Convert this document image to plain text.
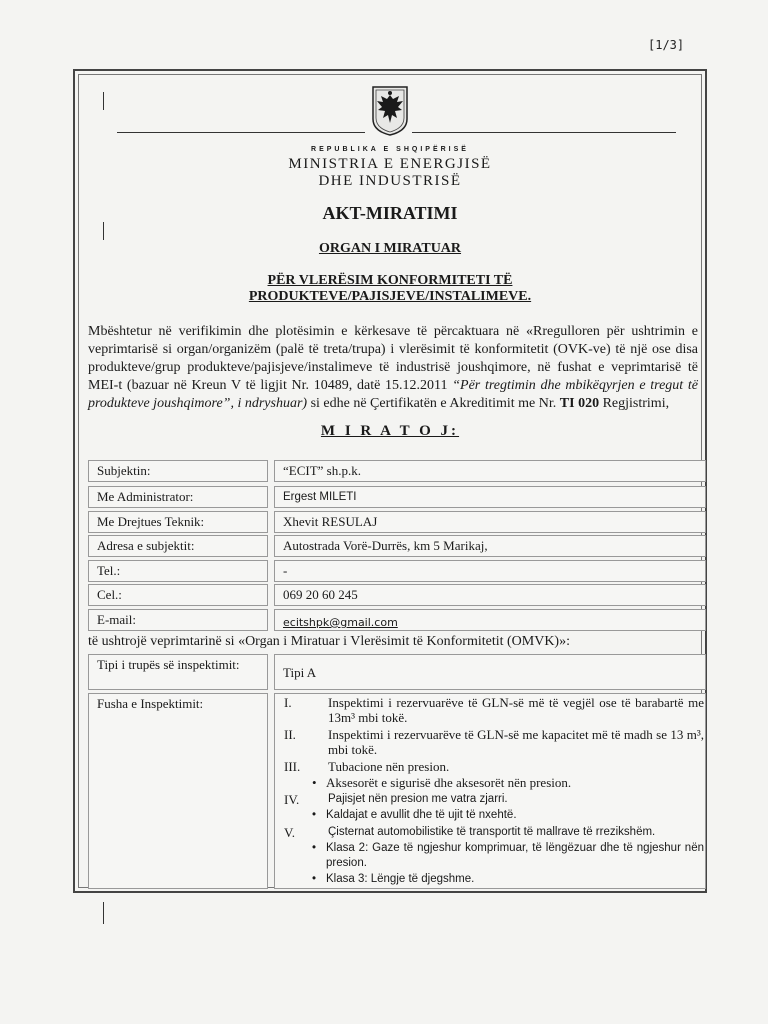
[1/3]
REPUBLIKA E SHQIPËRISË
MINISTRIA E ENERGJISË
DHE INDUSTRISË
AKT-MIRATIMI
ORGAN I MIRATUAR
PËR VLERËSIM KONFORMITETI TË
PRODUKTEVE/PAJISJEVE/INSTALIMEVE.
Mbështetur në verifikimin dhe plotësimin e kërkesave të përcaktuara në «Rregulloren për ushtrimin e veprimtarisë si organ/organizëm (palë të treta/trupa) i vlerësimit të konformitetit (OVK-ve) të një ose disa produkteve/grup produkteve/pajisjeve/instalimeve të industrisë joushqimore, në fushat e veprimtarisë të MEI-t (bazuar në Kreun V të ligjit Nr. 10489, datë 15.12.2011 “Për tregtimin dhe mbikëqyrjen e tregut të produkteve joushqimore”, i ndryshuar) si edhe në Çertifikatën e Akreditimit me Nr. TI 020 Regjistrimi,
M I R A T O J:
Subjektin:	“ECIT” sh.p.k.
Me Administrator:	Ergest MILETI
Me Drejtues Teknik:	Xhevit RESULAJ
Adresa e subjektit:	Autostrada Vorë-Durrës, km 5 Marikaj,
Tel.:	-
Cel.:	069 20 60 245
E-mail:	ecitshpk@gmail.com
të ushtrojë veprimtarinë si «Organ i Miratuar i Vlerësimit të Konformitetit (OMVK)»:
Tipi i trupës së inspektimit:
Tipi A
Fusha e Inspektimit:	I.	Inspektimi i rezervuarëve të GLN-së më të vegjël ose të barabartë me 13m³ mbi tokë.
II.	Inspektimi i rezervuarëve të GLN-së me kapacitet më të madh se 13 m³, mbi tokë.
III.	Tubacione nën presion.
• Aksesorët e sigurisë dhe aksesorët nën presion.
IV.	Pajisjet nën presion me vatra zjarri.
• Kaldajat e avullit dhe të ujit të nxehtë.
V.	Çisternat automobilistike të transportit të mallrave të rrezikshëm.
• Klasa 2: Gaze të ngjeshur komprimuar, të lëngëzuar dhe të ngjeshur nën presion.
• Klasa 3: Lëngje të djegshme.
